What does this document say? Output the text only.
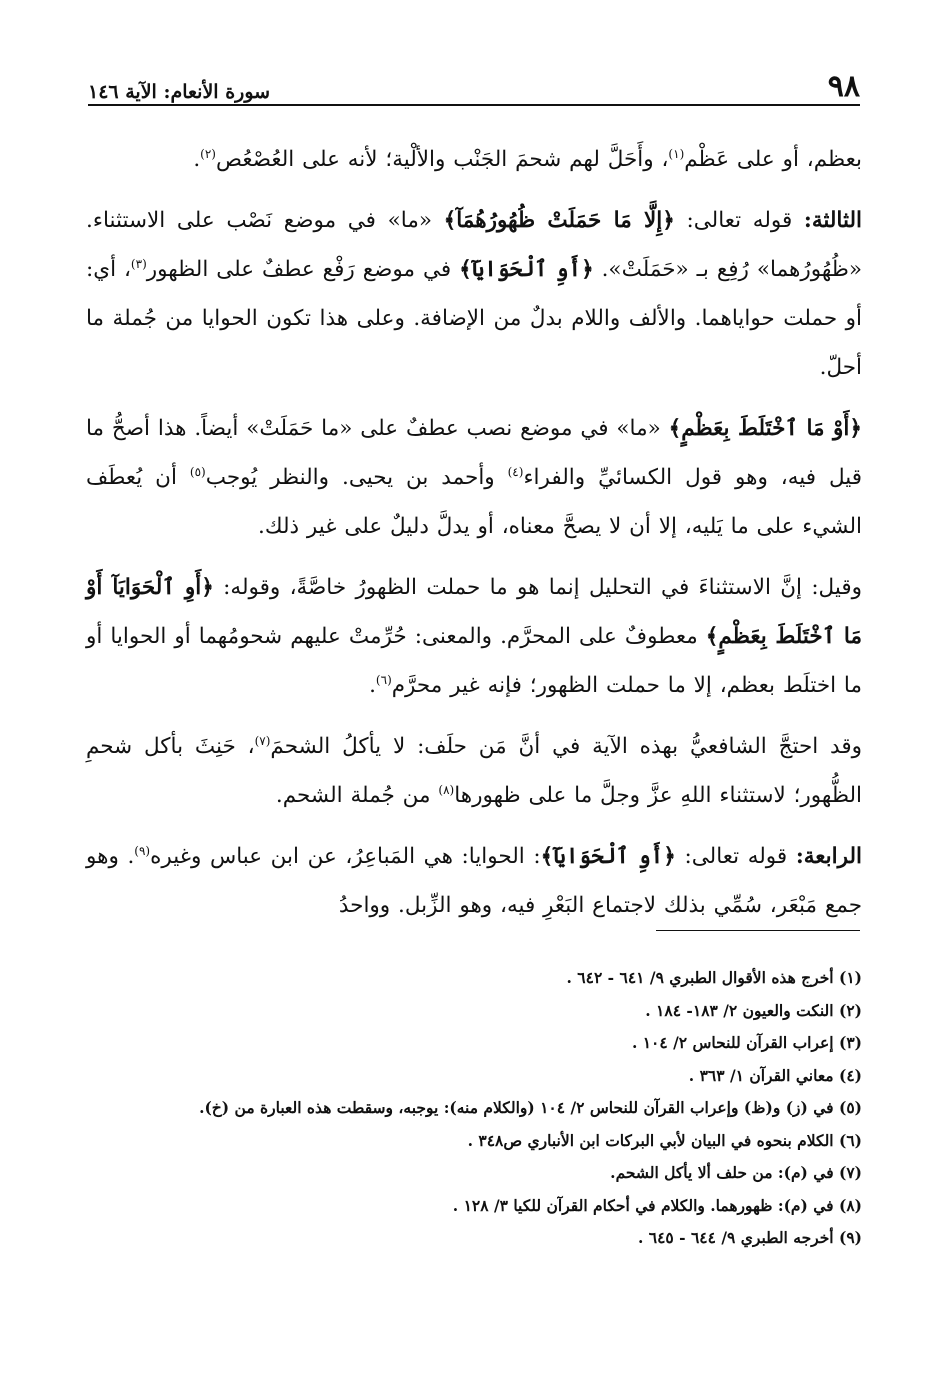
٩٨
سورة الأنعام: الآية ١٤٦

بعظم، أو على عَظْم$^{(١)}$، وأَحَلَّ لهم شحمَ الجَنْب والألْية؛ لأنه على العُصْعُص$^{(٢)}$.

الثالثة: قوله تعالى: ﴿إِلَّا مَا حَمَلَتْ ظُهُورُهُمَآ﴾ «ما» في موضع نَصْب على الاستثناء. «ظُهُورُهما» رُفِع بـ «حَمَلَتْ». ﴿أَوِ ٱلْحَوَايَآ﴾ في موضع رَفْع عطفٌ على الظهور$^{(٣)}$، أي: أو حملت حواياهما. والألف واللام بدلٌ من الإضافة. وعلى هذا تكون الحوايا من جُملة ما أحلّ.

﴿أَوْ مَا ٱخْتَلَطَ بِعَظْمٍ﴾ «ما» في موضع نصب عطفٌ على «ما حَمَلَتْ» أيضاً. هذا أصحُّ ما قيل فيه، وهو قول الكسائيِّ والفراء$^{(٤)}$ وأحمد بن يحيى. والنظر يُوجب$^{(٥)}$ أن يُعطَف الشيء على ما يَليه، إلا أن لا يصحَّ معناه، أو يدلَّ دليلٌ على غير ذلك.

وقيل: إنَّ الاستثناءَ في التحليل إنما هو ما حملت الظهورُ خاصَّةً، وقوله: ﴿أَوِ ٱلْحَوَايَآ أَوْ مَا ٱخْتَلَطَ بِعَظْمٍ﴾ معطوفٌ على المحرَّم. والمعنى: حُرِّمتْ عليهم شحومُهما أو الحوايا أو ما اختلَط بعظم، إلا ما حملت الظهور؛ فإنه غير محرَّم$^{(٦)}$.

وقد احتجَّ الشافعيُّ بهذه الآية في أنَّ مَن حلَف: لا يأكلُ الشحمَ$^{(٧)}$، حَنِثَ بأكل شحمِ الظُّهور؛ لاستثناء اللهِ عزَّ وجلَّ ما على ظهورها$^{(٨)}$ من جُملة الشحم.

الرابعة: قوله تعالى: ﴿أَوِ ٱلْحَوَايَآ﴾: الحوايا: هي المَباعِرُ، عن ابن عباس وغيره$^{(٩)}$. وهو جمع مَبْعَر، سُمِّي بذلك لاجتماع البَعْرِ فيه، وهو الزِّبل. وواحدُ

(١) أخرج هذه الأقوال الطبري ٩/ ٦٤١ - ٦٤٢ .
(٢) النكت والعيون ٢/ ١٨٣- ١٨٤ .
(٣) إعراب القرآن للنحاس ٢/ ١٠٤ .
(٤) معاني القرآن ١/ ٣٦٣ .
(٥) في (ز) و(ظ) وإعراب القرآن للنحاس ٢/ ١٠٤ (والكلام منه): يوجبه، وسقطت هذه العبارة من (خ).
(٦) الكلام بنحوه في البيان لأبي البركات ابن الأنباري ص٣٤٨ .
(٧) في (م): من حلف ألا يأكل الشحم.
(٨) في (م): ظهورهما. والكلام في أحكام القرآن للكيا ٣/ ١٢٨ .
(٩) أخرجه الطبري ٩/ ٦٤٤ - ٦٤٥ .
